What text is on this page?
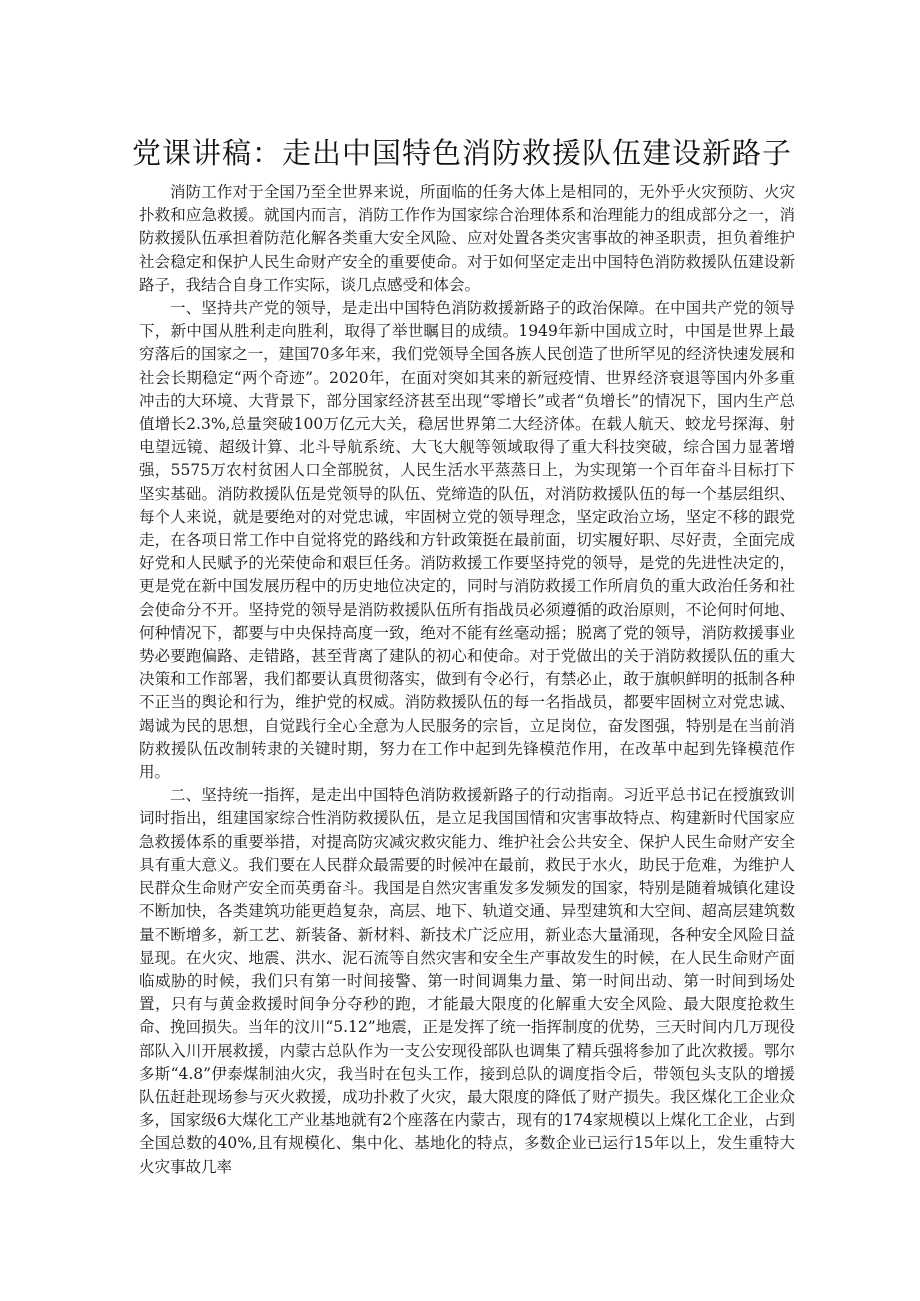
党课讲稿：走出中国特色消防救援队伍建设新路子

消防工作对于全国乃至全世界来说，所面临的任务大体上是相同的，无外乎火灾预防、火灾扑救和应急救援。就国内而言，消防工作作为国家综合治理体系和治理能力的组成部分之一，消防救援队伍承担着防范化解各类重大安全风险、应对处置各类灾害事故的神圣职责，担负着维护社会稳定和保护人民生命财产安全的重要使命。对于如何坚定走出中国特色消防救援队伍建设新路子，我结合自身工作实际，谈几点感受和体会。

一、坚持共产党的领导，是走出中国特色消防救援新路子的政治保障。在中国共产党的领导下，新中国从胜利走向胜利，取得了举世瞩目的成绩。1949年新中国成立时，中国是世界上最穷落后的国家之一，建国70多年来，我们党领导全国各族人民创造了世所罕见的经济快速发展和社会长期稳定“两个奇迹”。2020年，在面对突如其来的新冠疫情、世界经济衰退等国内外多重冲击的大环境、大背景下，部分国家经济甚至出现“零增长”或者“负增长”的情况下，国内生产总值增长2.3%,总量突破100万亿元大关，稳居世界第二大经济体。在载人航天、蛟龙号探海、射电望远镜、超级计算、北斗导航系统、大飞大舰等领域取得了重大科技突破，综合国力显著增强，5575万农村贫困人口全部脱贫，人民生活水平蒸蒸日上，为实现第一个百年奋斗目标打下坚实基础。消防救援队伍是党领导的队伍、党缔造的队伍，对消防救援队伍的每一个基层组织、每个人来说，就是要绝对的对党忠诚，牢固树立党的领导理念，坚定政治立场，坚定不移的跟党走，在各项日常工作中自觉将党的路线和方针政策挺在最前面，切实履好职、尽好责，全面完成好党和人民赋予的光荣使命和艰巨任务。消防救援工作要坚持党的领导，是党的先进性决定的，更是党在新中国发展历程中的历史地位决定的，同时与消防救援工作所肩负的重大政治任务和社会使命分不开。坚持党的领导是消防救援队伍所有指战员必须遵循的政治原则，不论何时何地、何种情况下，都要与中央保持高度一致，绝对不能有丝毫动摇；脱离了党的领导，消防救援事业势必要跑偏路、走错路，甚至背离了建队的初心和使命。对于党做出的关于消防救援队伍的重大决策和工作部署，我们都要认真贯彻落实，做到有令必行，有禁必止，敢于旗帜鲜明的抵制各种不正当的舆论和行为，维护党的权威。消防救援队伍的每一名指战员，都要牢固树立对党忠诚、竭诚为民的思想，自觉践行全心全意为人民服务的宗旨，立足岗位，奋发图强，特别是在当前消防救援队伍改制转隶的关键时期，努力在工作中起到先锋模范作用，在改革中起到先锋模范作用。

二、坚持统一指挥，是走出中国特色消防救援新路子的行动指南。习近平总书记在授旗致训词时指出，组建国家综合性消防救援队伍，是立足我国国情和灾害事故特点、构建新时代国家应急救援体系的重要举措，对提高防灾减灾救灾能力、维护社会公共安全、保护人民生命财产安全具有重大意义。我们要在人民群众最需要的时候冲在最前，救民于水火，助民于危难，为维护人民群众生命财产安全而英勇奋斗。我国是自然灾害重发多发频发的国家，特别是随着城镇化建设不断加快，各类建筑功能更趋复杂，高层、地下、轨道交通、异型建筑和大空间、超高层建筑数量不断增多，新工艺、新装备、新材料、新技术广泛应用，新业态大量涌现，各种安全风险日益显现。在火灾、地震、洪水、泥石流等自然灾害和安全生产事故发生的时候，在人民生命财产面临威胁的时候，我们只有第一时间接警、第一时间调集力量、第一时间出动、第一时间到场处置，只有与黄金救援时间争分夺秒的跑，才能最大限度的化解重大安全风险、最大限度抢救生命、挽回损失。当年的汶川“5.12”地震，正是发挥了统一指挥制度的优势，三天时间内几万现役部队入川开展救援，内蒙古总队作为一支公安现役部队也调集了精兵强将参加了此次救援。鄂尔多斯“4.8”伊泰煤制油火灾，我当时在包头工作，接到总队的调度指令后，带领包头支队的增援队伍赶赴现场参与灭火救援，成功扑救了火灾，最大限度的降低了财产损失。我区煤化工企业众多，国家级6大煤化工产业基地就有2个座落在内蒙古，现有的174家规模以上煤化工企业，占到全国总数的40%,且有规模化、集中化、基地化的特点，多数企业已运行15年以上，发生重特大火灾事故几率
